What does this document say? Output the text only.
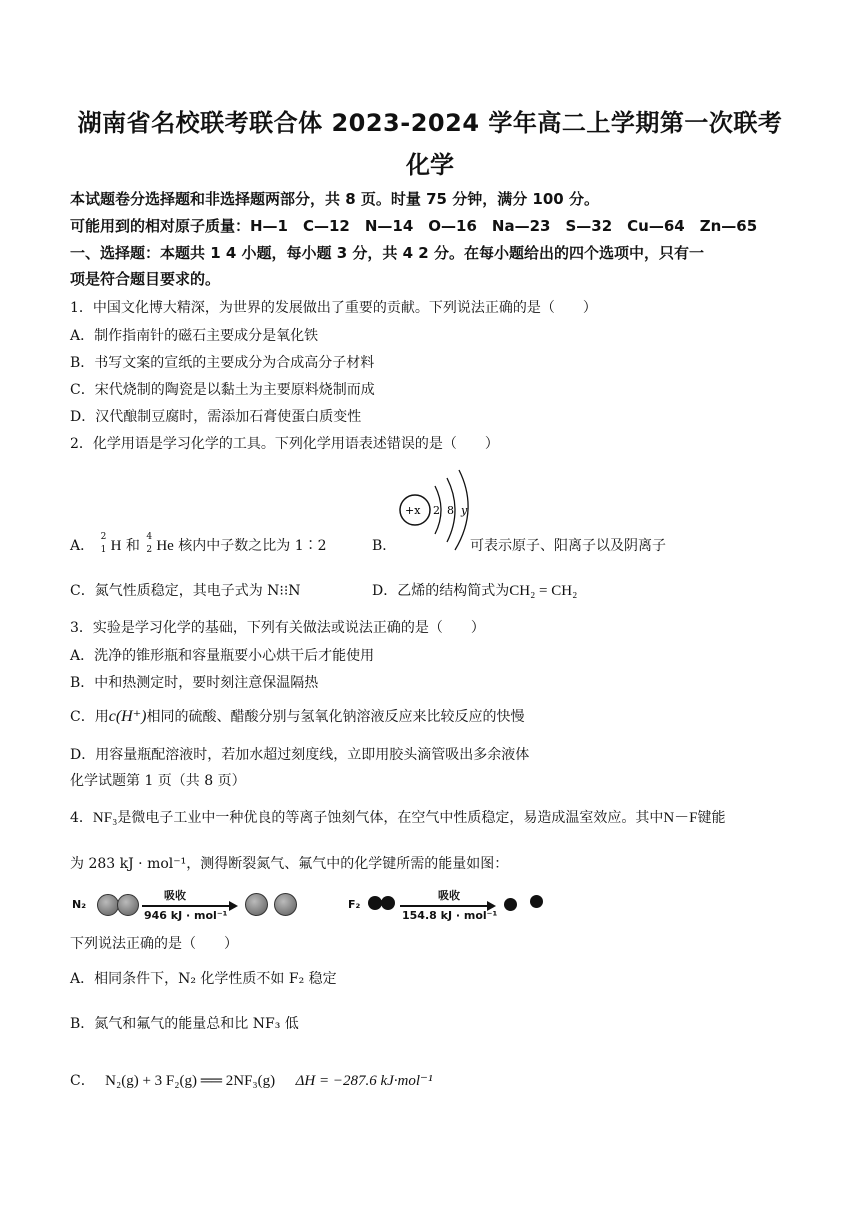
湖南省名校联考联合体 2023-2024 学年高二上学期第一次联考
化学
本试题卷分选择题和非选择题两部分，共 8 页。时量 75 分钟，满分 100 分。
可能用到的相对原子质量：H—1　C—12　N—14　O—16　Na—23　S—32　Cu—64　Zn—65
一、选择题：本题共 1 4 小题，每小题 3 分，共 4 2 分。在每小题给出的四个选项中，只有一
项是符合题目要求的。
1．中国文化博大精深，为世界的发展做出了重要的贡献。下列说法正确的是（　　）
A．制作指南针的磁石主要成分是氧化铁
B．书写文案的宣纸的主要成分为合成高分子材料
C．宋代烧制的陶瓷是以黏土为主要原料烧制而成
D．汉代酿制豆腐时，需添加石膏使蛋白质变性
2．化学用语是学习化学的工具。下列化学用语表述错误的是（　　）
A．
2
1 H 和
4
2 He 核内中子数之比为 1∶2	B．
+x 2 8 y
可表示原子、阳离子以及阴离子
C．氮气性质稳定，其电子式为 N⁝⁝N	D．乙烯的结构简式为CH₂ = CH₂
3．实验是学习化学的基础，下列有关做法或说法正确的是（　　）
A．洗净的锥形瓶和容量瓶要小心烘干后才能使用
B．中和热测定时，要时刻注意保温隔热
C．用c(H⁺)相同的硫酸、醋酸分别与氢氧化钠溶液反应来比较反应的快慢
D．用容量瓶配溶液时，若加水超过刻度线，立即用胶头滴管吸出多余液体
化学试题第 1 页（共 8 页）
4．NF₃是微电子工业中一种优良的等离子蚀刻气体，在空气中性质稳定，易造成温室效应。其中N－F键能
为 283 kJ · mol⁻¹，测得断裂氮气、氟气中的化学键所需的能量如图：
N₂
吸收
946 kJ · mol⁻¹
F₂
吸收
154.8 kJ · mol⁻¹
下列说法正确的是（　　）
A．相同条件下，N₂ 化学性质不如 F₂ 稳定
B．氮气和氟气的能量总和比 NF₃ 低
C． N₂(g) + 3 F₂(g) ══ 2NF₃(g) ΔH = −287.6 kJ·mol⁻¹
